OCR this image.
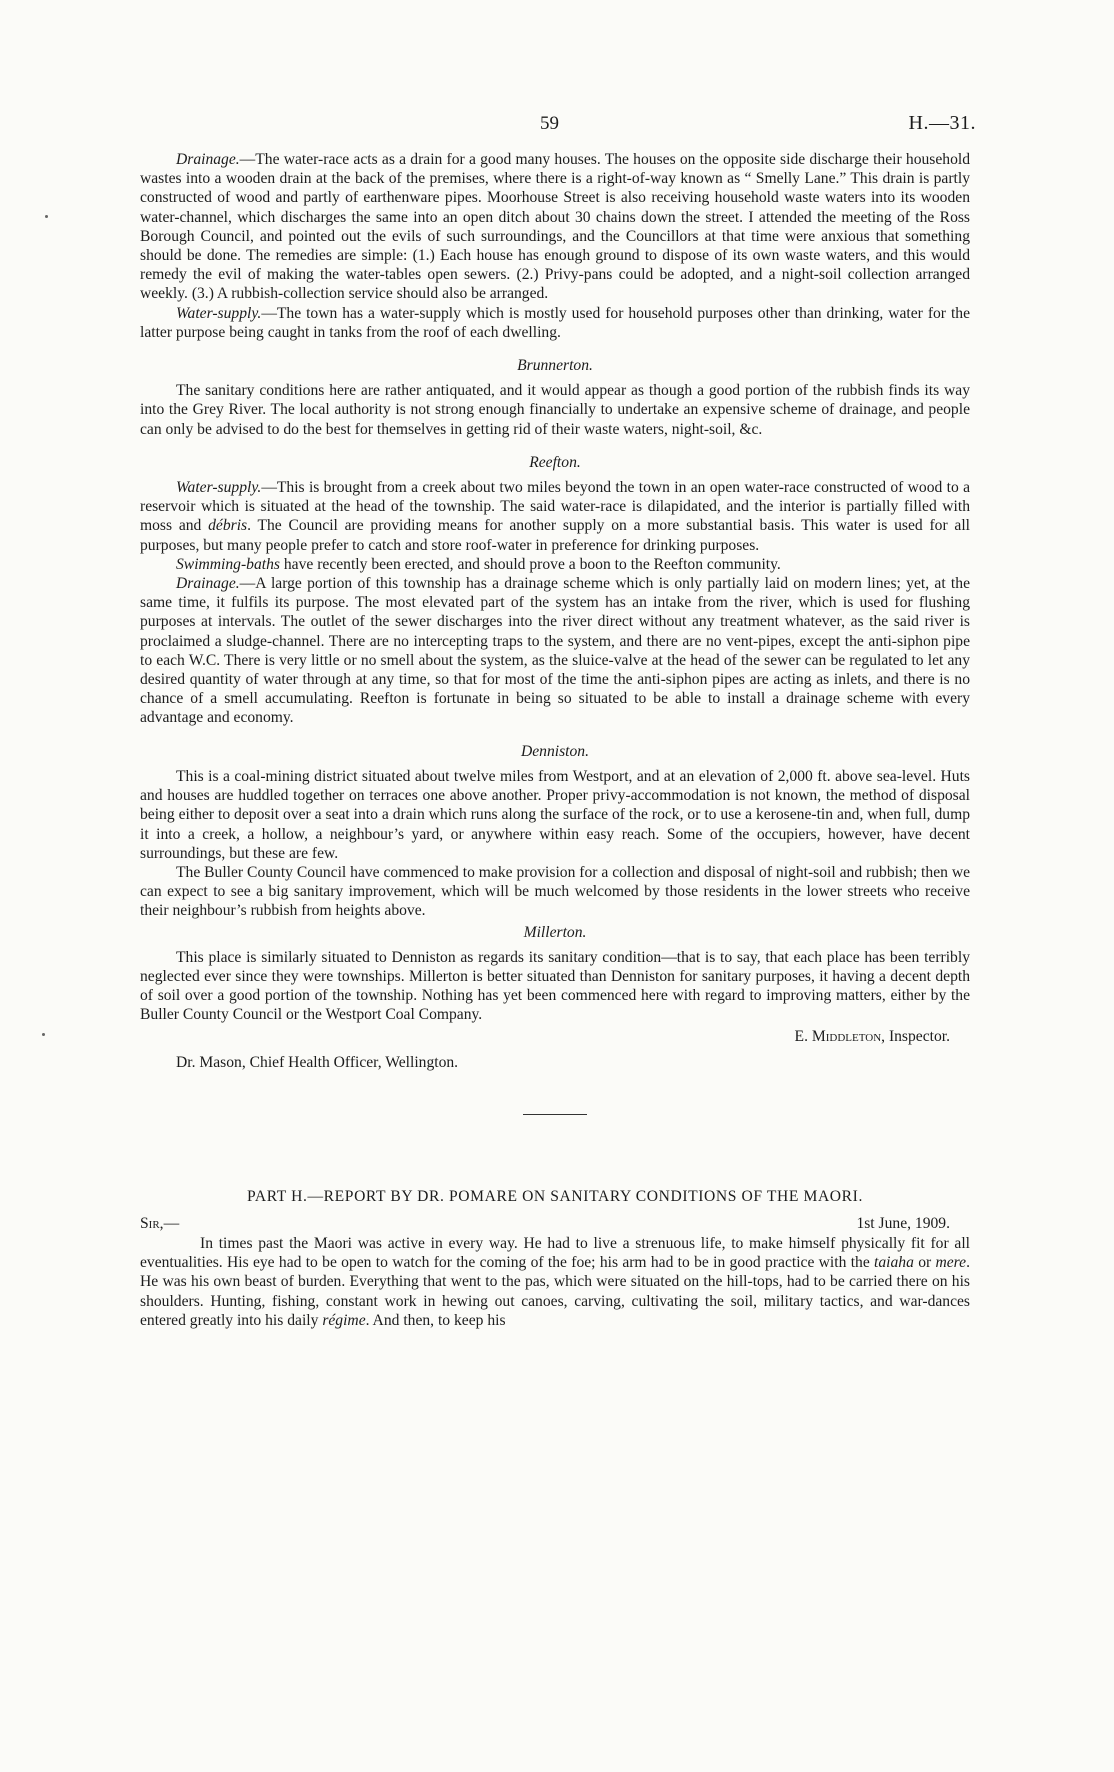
59	H.—31.

Drainage.—The water-race acts as a drain for a good many houses. The houses on the opposite side discharge their household wastes into a wooden drain at the back of the premises, where there is a right-of-way known as “ Smelly Lane.” This drain is partly constructed of wood and partly of earthenware pipes. Moorhouse Street is also receiving household waste waters into its wooden water-channel, which discharges the same into an open ditch about 30 chains down the street. I attended the meeting of the Ross Borough Council, and pointed out the evils of such surroundings, and the Councillors at that time were anxious that something should be done. The remedies are simple: (1.) Each house has enough ground to dispose of its own waste waters, and this would remedy the evil of making the water-tables open sewers. (2.) Privy-pans could be adopted, and a night-soil collection arranged weekly. (3.) A rubbish-collection service should also be arranged.

Water-supply.—The town has a water-supply which is mostly used for household purposes other than drinking, water for the latter purpose being caught in tanks from the roof of each dwelling.

Brunnerton.

The sanitary conditions here are rather antiquated, and it would appear as though a good portion of the rubbish finds its way into the Grey River. The local authority is not strong enough financially to undertake an expensive scheme of drainage, and people can only be advised to do the best for themselves in getting rid of their waste waters, night-soil, &c.

Reefton.

Water-supply.—This is brought from a creek about two miles beyond the town in an open water-race constructed of wood to a reservoir which is situated at the head of the township. The said water-race is dilapidated, and the interior is partially filled with moss and débris. The Council are providing means for another supply on a more substantial basis. This water is used for all purposes, but many people prefer to catch and store roof-water in preference for drinking purposes.

Swimming-baths have recently been erected, and should prove a boon to the Reefton community.

Drainage.—A large portion of this township has a drainage scheme which is only partially laid on modern lines; yet, at the same time, it fulfils its purpose. The most elevated part of the system has an intake from the river, which is used for flushing purposes at intervals. The outlet of the sewer discharges into the river direct without any treatment whatever, as the said river is proclaimed a sludge-channel. There are no intercepting traps to the system, and there are no vent-pipes, except the anti-siphon pipe to each W.C. There is very little or no smell about the system, as the sluice-valve at the head of the sewer can be regulated to let any desired quantity of water through at any time, so that for most of the time the anti-siphon pipes are acting as inlets, and there is no chance of a smell accumulating. Reefton is fortunate in being so situated to be able to install a drainage scheme with every advantage and economy.

Denniston.

This is a coal-mining district situated about twelve miles from Westport, and at an elevation of 2,000 ft. above sea-level. Huts and houses are huddled together on terraces one above another. Proper privy-accommodation is not known, the method of disposal being either to deposit over a seat into a drain which runs along the surface of the rock, or to use a kerosene-tin and, when full, dump it into a creek, a hollow, a neighbour’s yard, or anywhere within easy reach. Some of the occupiers, however, have decent surroundings, but these are few.

The Buller County Council have commenced to make provision for a collection and disposal of night-soil and rubbish; then we can expect to see a big sanitary improvement, which will be much welcomed by those residents in the lower streets who receive their neighbour’s rubbish from heights above.

Millerton.

This place is similarly situated to Denniston as regards its sanitary condition—that is to say, that each place has been terribly neglected ever since they were townships. Millerton is better situated than Denniston for sanitary purposes, it having a decent depth of soil over a good portion of the township. Nothing has yet been commenced here with regard to improving matters, either by the Buller County Council or the Westport Coal Company.

E. Middleton, Inspector.
Dr. Mason, Chief Health Officer, Wellington.
PART H.—REPORT BY DR. POMARE ON SANITARY CONDITIONS OF THE MAORI.
Sir,—	1st June, 1909.

In times past the Maori was active in every way. He had to live a strenuous life, to make himself physically fit for all eventualities. His eye had to be open to watch for the coming of the foe; his arm had to be in good practice with the taiaha or mere. He was his own beast of burden. Everything that went to the pas, which were situated on the hill-tops, had to be carried there on his shoulders. Hunting, fishing, constant work in hewing out canoes, carving, cultivating the soil, military tactics, and war-dances entered greatly into his daily régime. And then, to keep his
